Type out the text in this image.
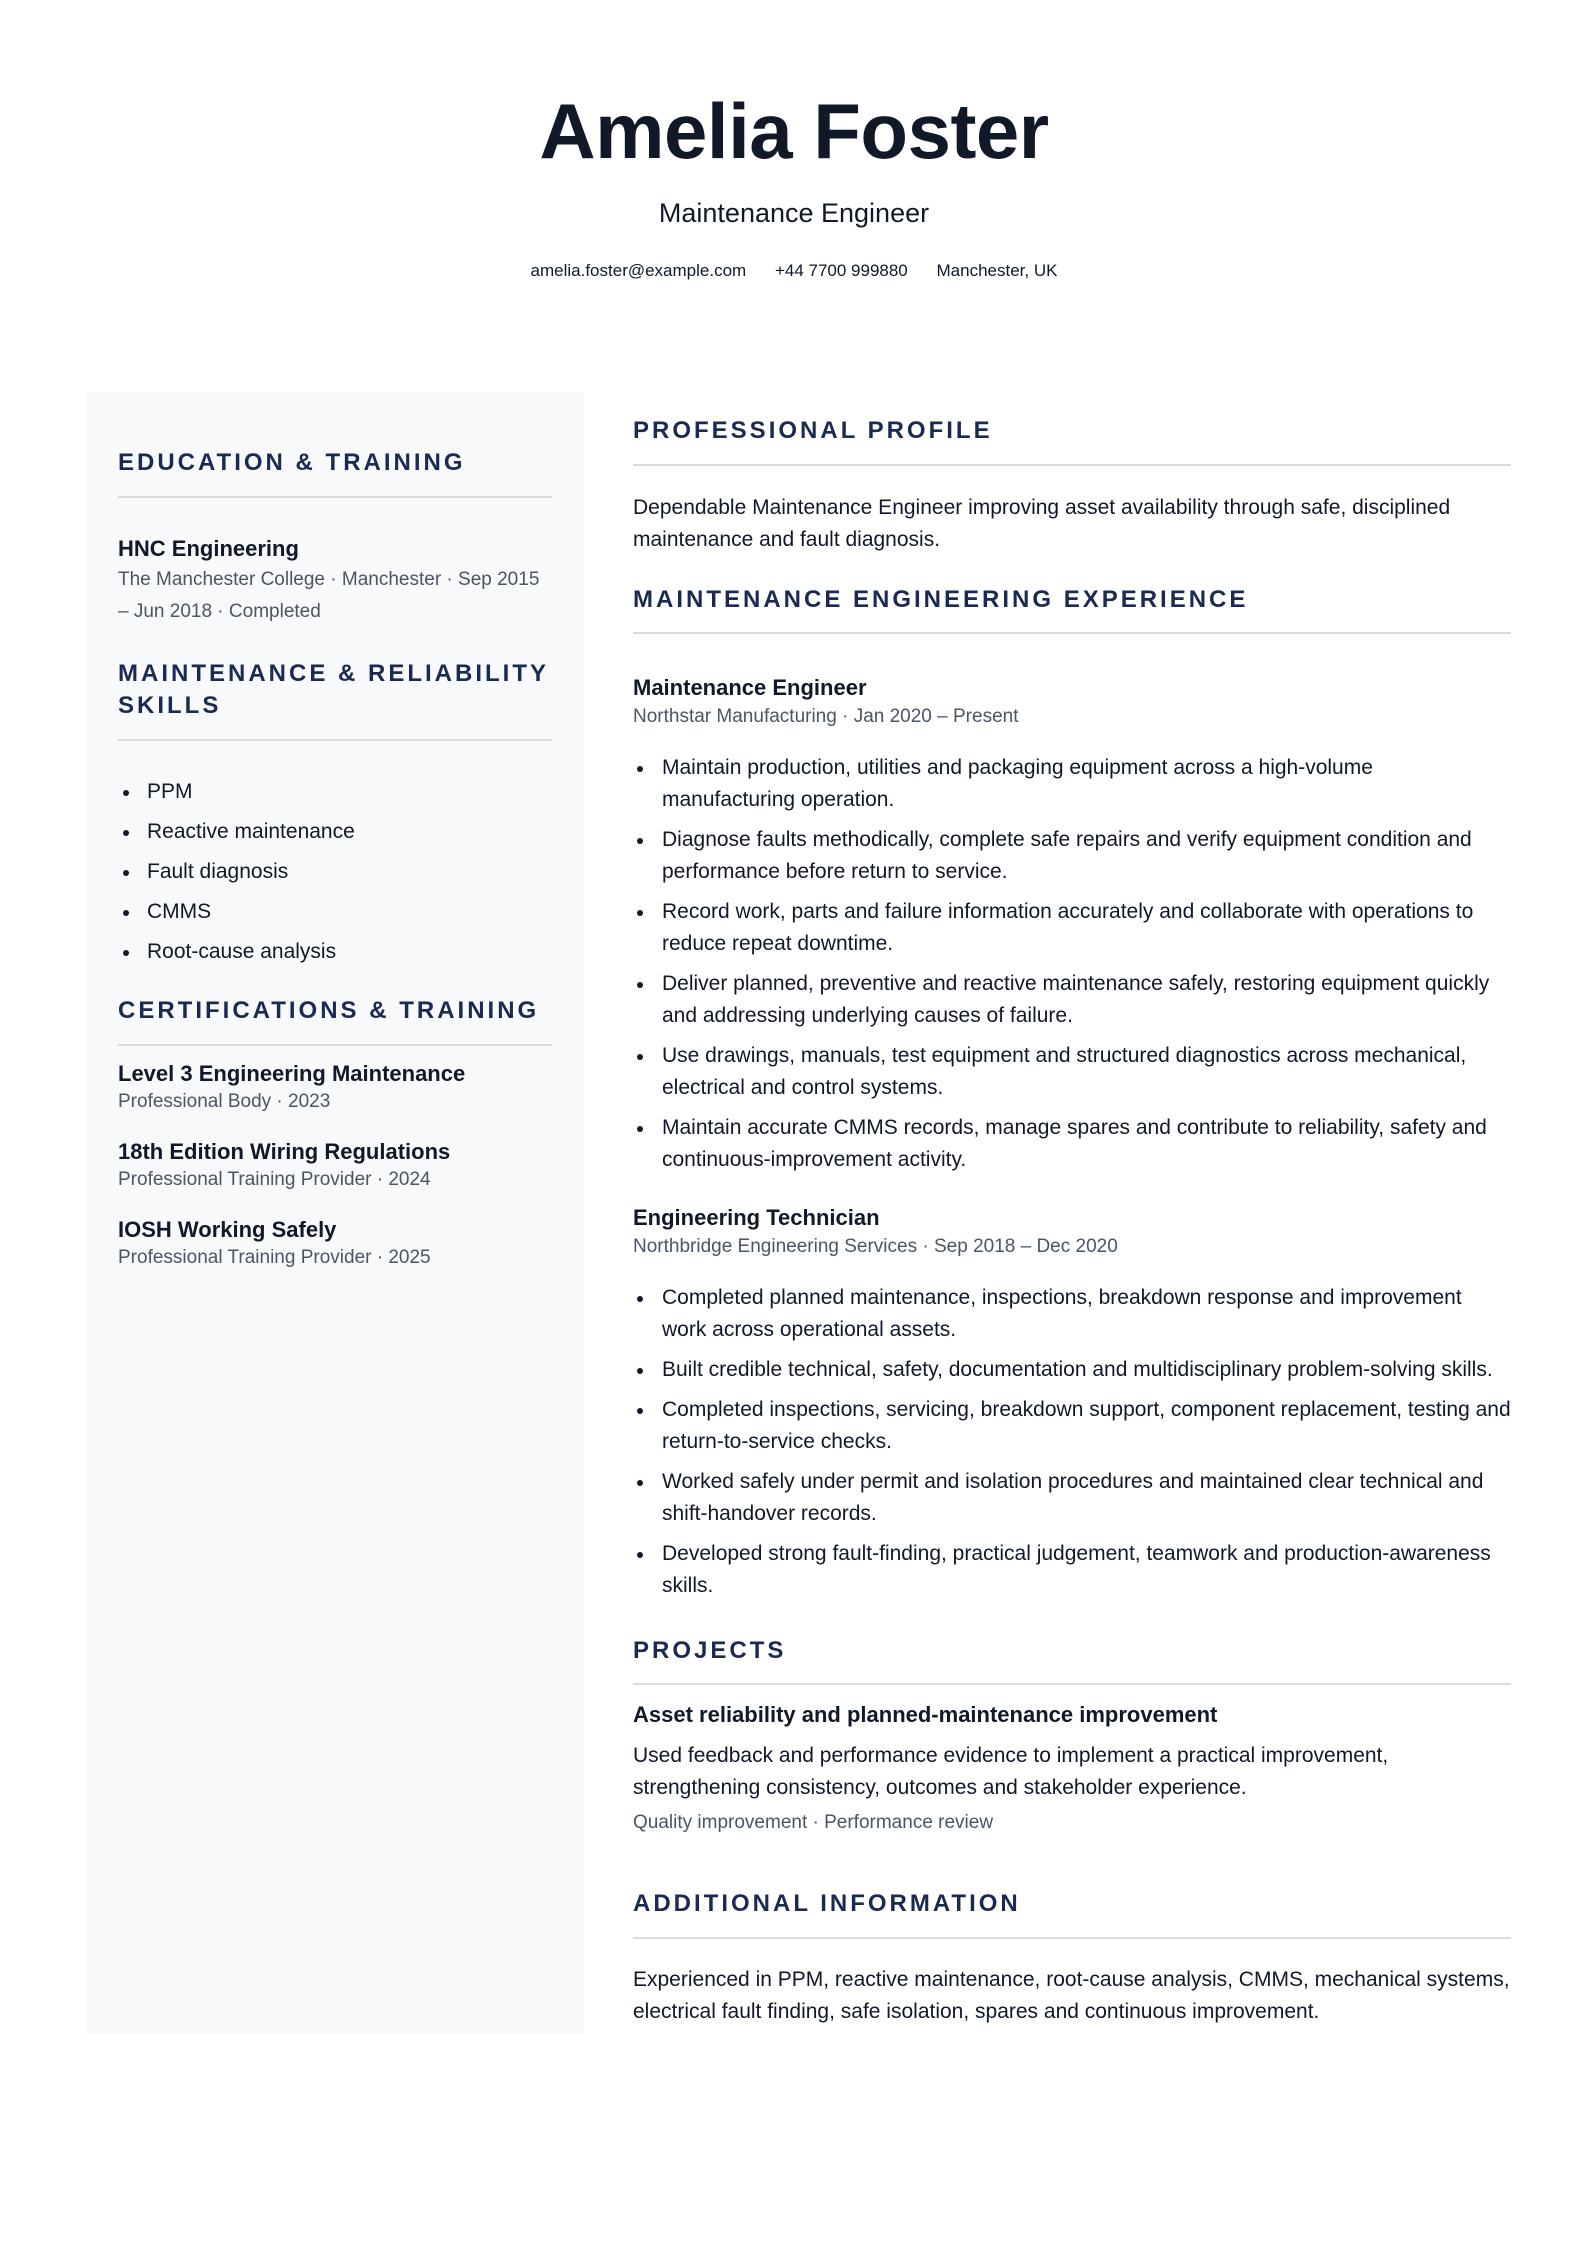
Amelia Foster
Maintenance Engineer
amelia.foster@example.com +44 7700 999880 Manchester, UK
EDUCATION & TRAINING
HNC Engineering
The Manchester College · Manchester · Sep 2015
– Jun 2018 · Completed
MAINTENANCE & RELIABILITY
SKILLS
PPM
Reactive maintenance
Fault diagnosis
CMMS
Root-cause analysis
CERTIFICATIONS & TRAINING
Level 3 Engineering Maintenance
Professional Body · 2023
18th Edition Wiring Regulations
Professional Training Provider · 2024
IOSH Working Safely
Professional Training Provider · 2025
PROFESSIONAL PROFILE
Dependable Maintenance Engineer improving asset availability through safe, disciplined maintenance and fault diagnosis.
MAINTENANCE ENGINEERING EXPERIENCE
Maintenance Engineer
Northstar Manufacturing · Jan 2020 – Present
Maintain production, utilities and packaging equipment across a high-volume manufacturing operation.
Diagnose faults methodically, complete safe repairs and verify equipment condition and performance before return to service.
Record work, parts and failure information accurately and collaborate with operations to reduce repeat downtime.
Deliver planned, preventive and reactive maintenance safely, restoring equipment quickly and addressing underlying causes of failure.
Use drawings, manuals, test equipment and structured diagnostics across mechanical, electrical and control systems.
Maintain accurate CMMS records, manage spares and contribute to reliability, safety and continuous-improvement activity.
Engineering Technician
Northbridge Engineering Services · Sep 2018 – Dec 2020
Completed planned maintenance, inspections, breakdown response and improvement work across operational assets.
Built credible technical, safety, documentation and multidisciplinary problem-solving skills.
Completed inspections, servicing, breakdown support, component replacement, testing and return-to-service checks.
Worked safely under permit and isolation procedures and maintained clear technical and shift-handover records.
Developed strong fault-finding, practical judgement, teamwork and production-awareness skills.
PROJECTS
Asset reliability and planned-maintenance improvement
Used feedback and performance evidence to implement a practical improvement, strengthening consistency, outcomes and stakeholder experience.
Quality improvement · Performance review
ADDITIONAL INFORMATION
Experienced in PPM, reactive maintenance, root-cause analysis, CMMS, mechanical systems, electrical fault finding, safe isolation, spares and continuous improvement.
